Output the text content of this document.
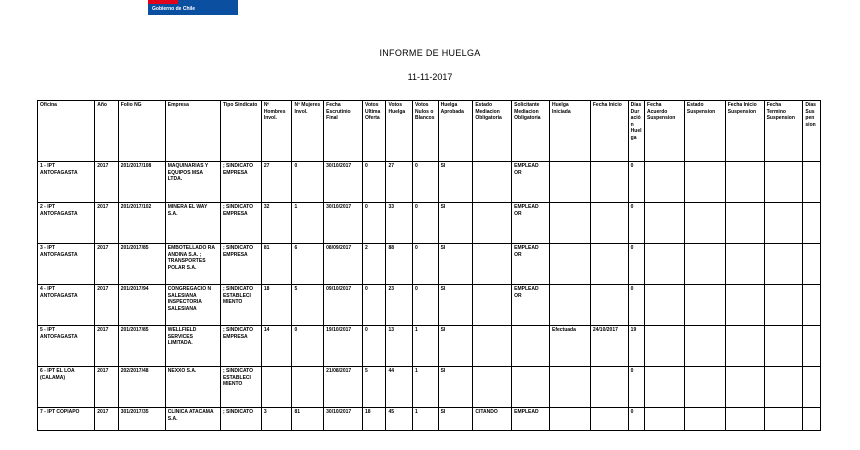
Gobierno de Chile
INFORME DE HUELGA
11-11-2017
Oficina	Año	Folio NG	Empresa	Tipo Sindicato	Nº Hombres Invol.	Nº Mujeres Invol.	Fecha Escrutinio Final	Votos Ultima Oferta	Votos Huelga	Votos Nulos o Blancos	Huelga Aprobada	Estado Mediacion Obligatoria	Solicitante Mediacion Obligatoria	Huelga Iniciada	Fecha Inicio	Días Dur ación Huel ga	Fecha Acuerdo Suspension	Estado Suspension	Fecha Inicio Suspension	Fecha Termino Suspension	Días Sus pen sion
1 - IPT ANTOFAGASTA	2017	201/2017/108	MAQUINARIAS Y EQUIPOS MSA LTDA.	; SINDICATO EMPRESA	27	0	30/10/2017	0	27	0	SI		EMPLEAD OR			0					
2 - IPT ANTOFAGASTA	2017	201/2017/102	MINERA EL WAY S.A.	; SINDICATO EMPRESA	32	1	30/10/2017	0	33	0	SI		EMPLEAD OR			0					
3 - IPT ANTOFAGASTA	2017	201/2017/85	EMBOTELLADO RA ANDINA S.A. ; TRANSPORTES POLAR S.A.	; SINDICATO EMPRESA	81	6	08/09/2017	2	88	0	SI		EMPLEAD OR			0					
4 - IPT ANTOFAGASTA	2017	201/2017/94	CONGREGACIO N SALESIANA INSPECTORIA SALESIANA	; SINDICATO ESTABLECI MIENTO	18	5	09/10/2017	0	23	0	SI		EMPLEAD OR			0					
5 - IPT ANTOFAGASTA	2017	201/2017/85	WELLFIELD SERVICES LIMITADA.	; SINDICATO EMPRESA	14	0	19/10/2017	0	13	1	SI			Efectuada	24/10/2017	19					
6 - IPT EL LOA (CALAMA)	2017	202/2017/48	NEXXO S.A.	; SINDICATO ESTABLECI MIENTO			21/08/2017	5	44	1	SI					0					
7 - IPT COPIAPO	2017	301/2017/35	CLINICA ATACAMA S.A.	; SINDICATO	3	81	30/10/2017	18	45	1	SI	CITANDO	EMPLEAD			0					
